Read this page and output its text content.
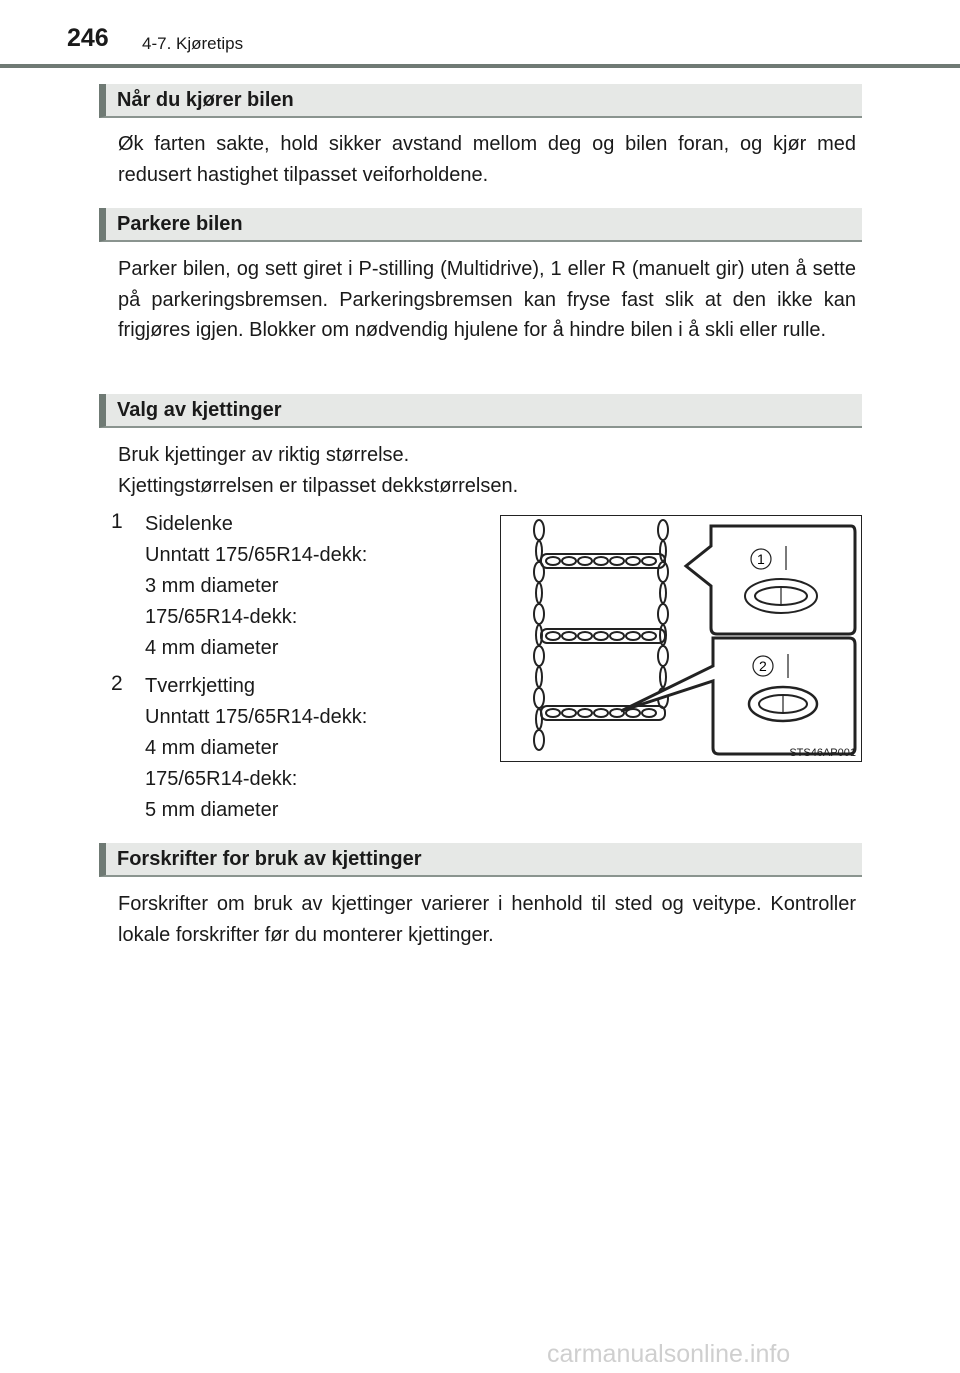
246 4-7. Kjøretips
Når du kjører bilen
Øk farten sakte, hold sikker avstand mellom deg og bilen foran, og kjør med redusert hastighet tilpasset veiforholdene.
Parkere bilen
Parker bilen, og sett giret i P-stilling (Multidrive), 1 eller R (manuelt gir) uten å sette på parkeringsbremsen. Parkeringsbremsen kan fryse fast slik at den ikke kan frigjøres igjen. Blokker om nødvendig hjulene for å hindre bilen i å skli eller rulle.
Valg av kjettinger
Bruk kjettinger av riktig størrelse.
Kjettingstørrelsen er tilpasset dekkstørrelsen.
1 Sidelenke
Unntatt 175/65R14-dekk:
3 mm diameter
175/65R14-dekk:
4 mm diameter
2 Tverrkjetting
Unntatt 175/65R14-dekk:
4 mm diameter
175/65R14-dekk:
5 mm diameter
1
2
STS46AP001
Forskrifter for bruk av kjettinger
Forskrifter om bruk av kjettinger varierer i henhold til sted og veitype. Kontroller lokale forskrifter før du monterer kjettinger.
carmanualsonline.info
